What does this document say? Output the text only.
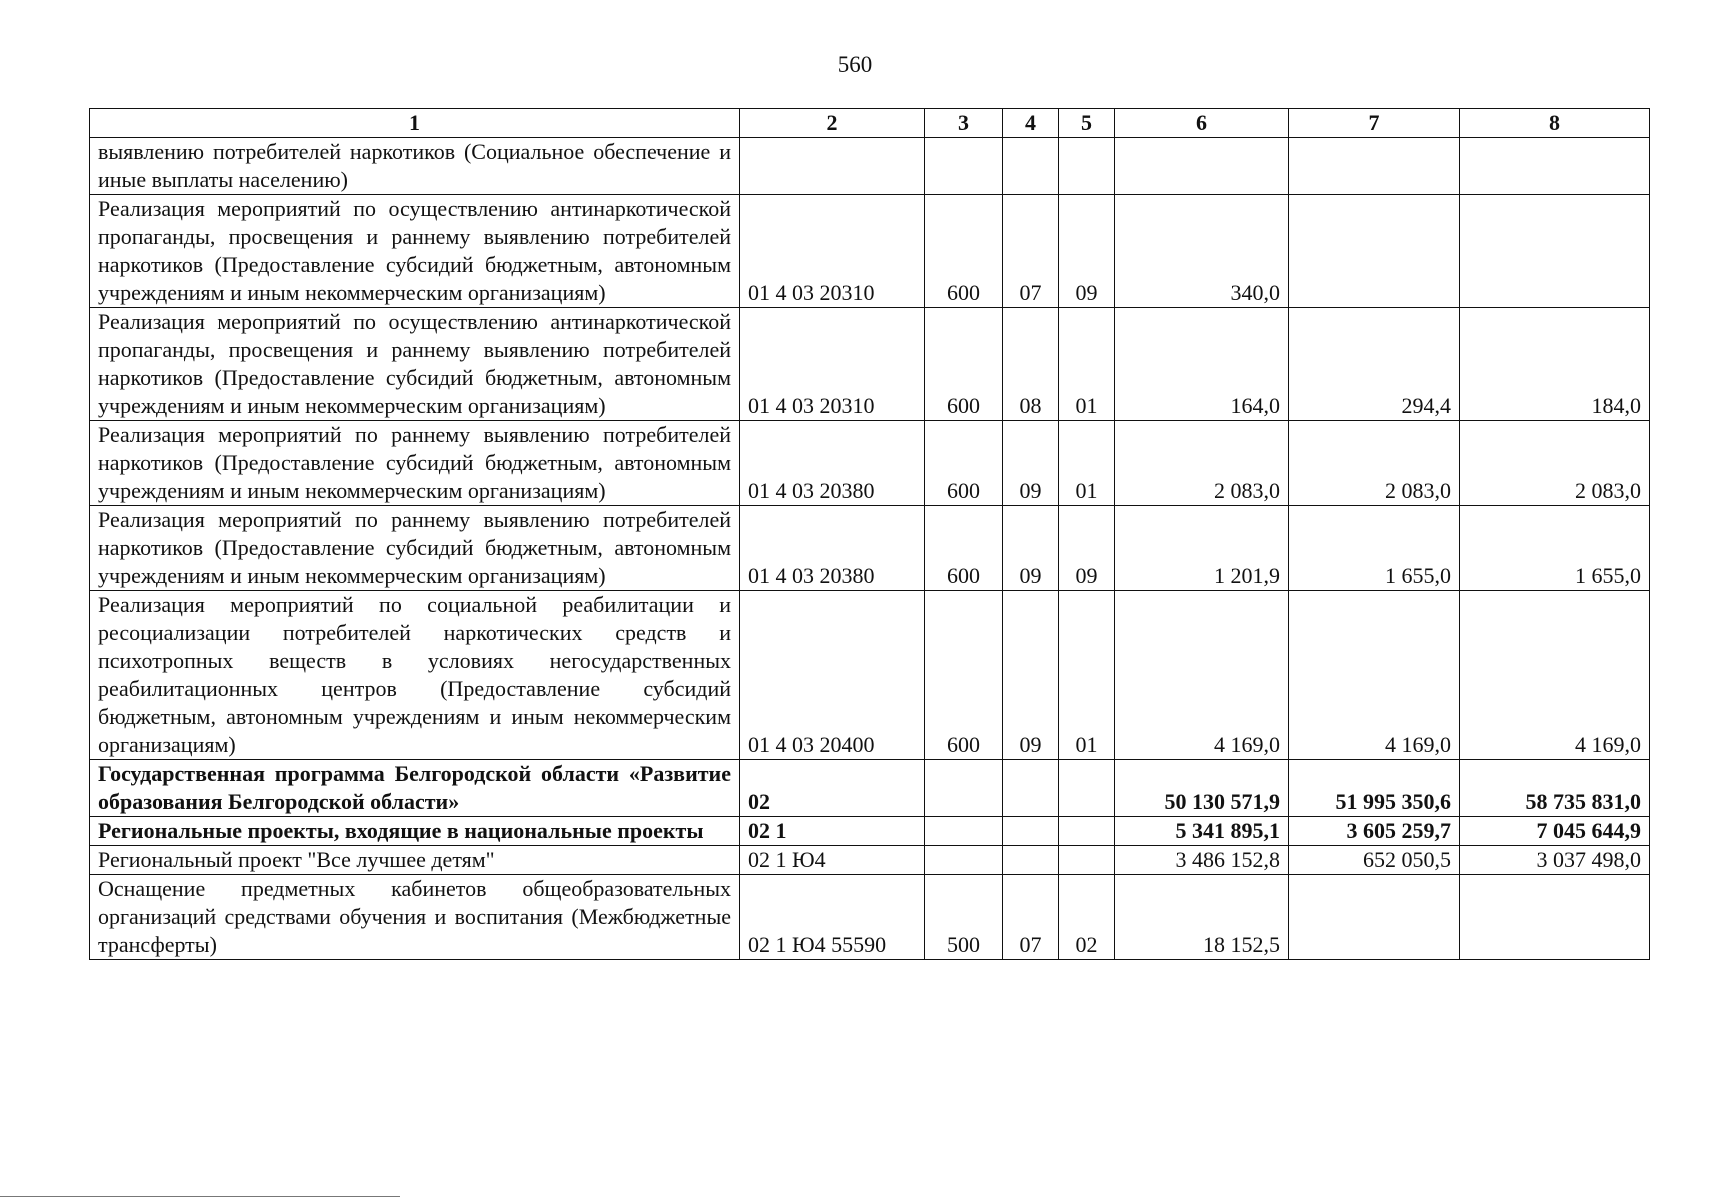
560
1	2	3	4	5	6	7	8
выявлению потребителей наркотиков (Социальное обеспечение и иные выплаты населению)							
Реализация мероприятий по осуществлению антинаркотической пропаганды, просвещения и раннему выявлению потребителей наркотиков (Предоставление субсидий бюджетным, автономным учреждениям и иным некоммерческим организациям)	01 4 03 20310	600	07	09	340,0		
Реализация мероприятий по осуществлению антинаркотической пропаганды, просвещения и раннему выявлению потребителей наркотиков (Предоставление субсидий бюджетным, автономным учреждениям и иным некоммерческим организациям)	01 4 03 20310	600	08	01	164,0	294,4	184,0
Реализация мероприятий по раннему выявлению потребителей наркотиков (Предоставление субсидий бюджетным, автономным учреждениям и иным некоммерческим организациям)	01 4 03 20380	600	09	01	2 083,0	2 083,0	2 083,0
Реализация мероприятий по раннему выявлению потребителей наркотиков (Предоставление субсидий бюджетным, автономным учреждениям и иным некоммерческим организациям)	01 4 03 20380	600	09	09	1 201,9	1 655,0	1 655,0
Реализация мероприятий по социальной реабилитации и ресоциализации потребителей наркотических средств и психотропных веществ в условиях негосударственных реабилитационных центров (Предоставление субсидий бюджетным, автономным учреждениям и иным некоммерческим организациям)	01 4 03 20400	600	09	01	4 169,0	4 169,0	4 169,0
Государственная программа Белгородской области «Развитие образования Белгородской области»	02				50 130 571,9	51 995 350,6	58 735 831,0
Региональные проекты, входящие в национальные проекты	02 1				5 341 895,1	3 605 259,7	7 045 644,9
Региональный проект "Все лучшее детям"	02 1 Ю4				3 486 152,8	652 050,5	3 037 498,0
Оснащение предметных кабинетов общеобразовательных организаций средствами обучения и воспитания (Межбюджетные трансферты)	02 1 Ю4 55590	500	07	02	18 152,5		
